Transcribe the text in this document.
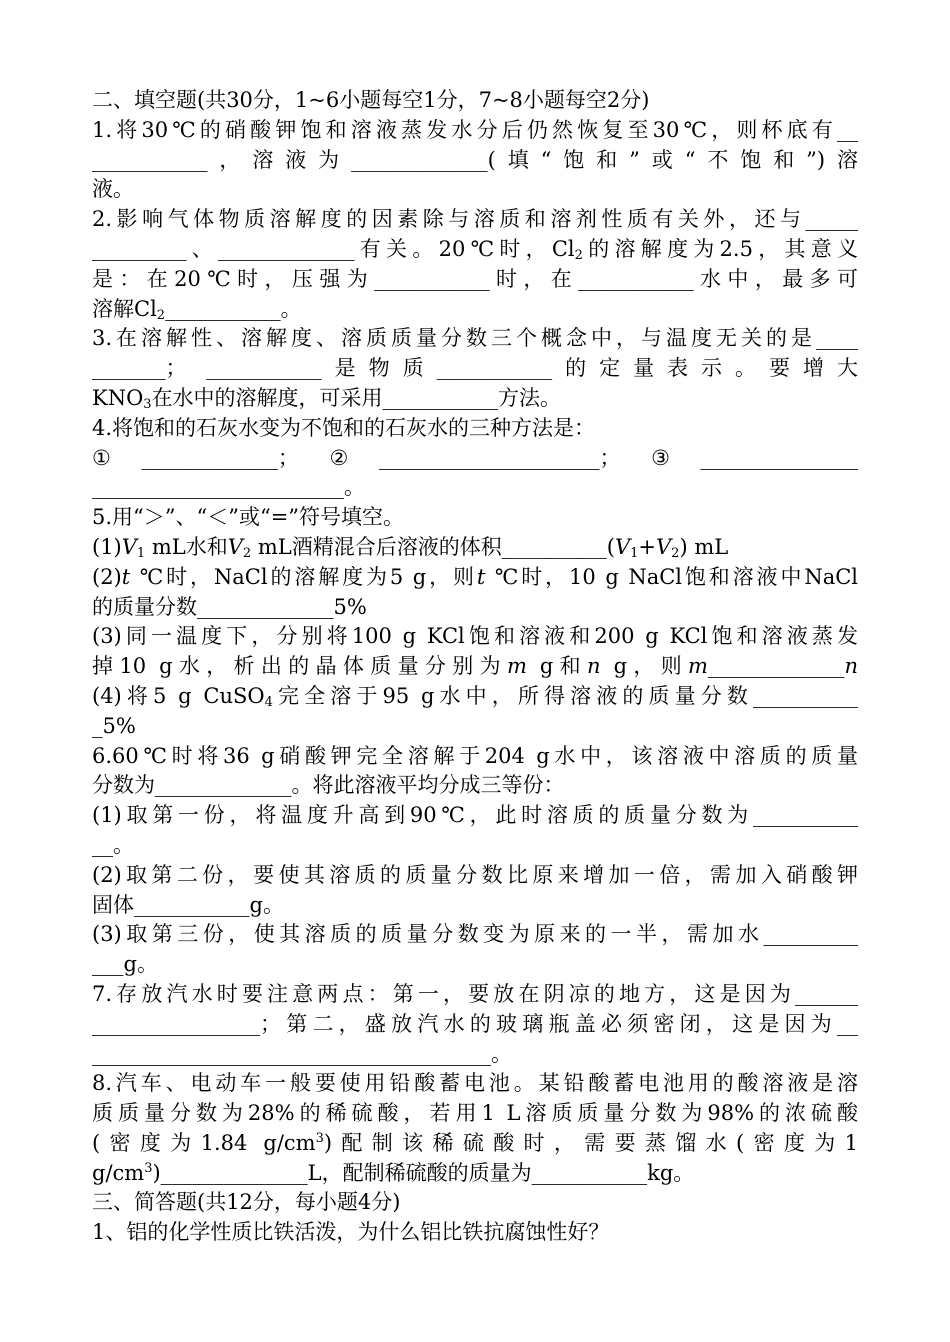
二、填空题(共30分，1~6小题每空1分，7~8小题每空2分)
1.将30℃的硝酸钾饱和溶液蒸发水分后仍然恢复至30℃，则杯底有__
___________，溶液为_____________(填“饱和”或“不饱和”)溶
液。
2.影响气体物质溶解度的因素除与溶质和溶剂性质有关外，还与_____
_________、_____________有关。20℃时，$Cl_2$的溶解度为2.5，其意义
是：在20℃时，压强为___________时，在___________水中，最多可
溶解$Cl_2\_\_\_\_\_\_\_\_\_\_\_$。
3.在溶解性、溶解度、溶质质量分数三个概念中，与温度无关的是____
_______； ___________是物质___________的定量表示。要增大
$KNO_3$在水中的溶解度，可采用___________方法。
4.将饱和的石灰水变为不饱和的石灰水的三种方法是：
①_____________；②_____________________；③_______________
________________________。
5.用“＞”、“＜”或“=”符号填空。
$(1)V_1$ mL水和$V_2$ mL酒精混合后溶液的体积$\_\_\_\_\_\_\_\_\_\_(V_1+V_2)$ mL
(2)t ℃时，NaCl的溶解度为5 g，则t ℃时，10 g NaCl饱和溶液中NaCl
的质量分数_____________5%
(3)同一温度下，分别将100 g KCl饱和溶液和200 g KCl饱和溶液蒸发
掉10 g水，析出的晶体质量分别为m g和n g，则m_____________n
(4)将5 g CuSO$_4$完全溶于95 g水中，所得溶液的质量分数__________
_5%
6.60℃时将36 g硝酸钾完全溶解于204 g水中，该溶液中溶质的质量
分数为_____________。将此溶液平均分成三等份：
(1)取第一份，将温度升高到90℃，此时溶质的质量分数为__________
__。
(2)取第二份，要使其溶质的质量分数比原来增加一倍，需加入硝酸钾
固体___________g。
(3)取第三份，使其溶质的质量分数变为原来的一半，需加水_________
___g。
7.存放汽水时要注意两点：第一，要放在阴凉的地方，这是因为______
________________；第二，盛放汽水的玻璃瓶盖必须密闭，这是因为__
______________________________________。
8.汽车、电动车一般要使用铅酸蓄电池。某铅酸蓄电池用的酸溶液是溶
质质量分数为28%的稀硫酸，若用1 L溶质质量分数为98%的浓硫酸
(密度为1.84 $g/cm^3$)配制该稀硫酸时，需要蒸馏水(密度为1
$g/cm^3)\_\_\_\_\_\_\_\_\_\_\_\_\_\_L$，配制稀硫酸的质量为___________kg。
三、简答题(共12分，每小题4分)
1、铝的化学性质比铁活泼，为什么铝比铁抗腐蚀性好？
